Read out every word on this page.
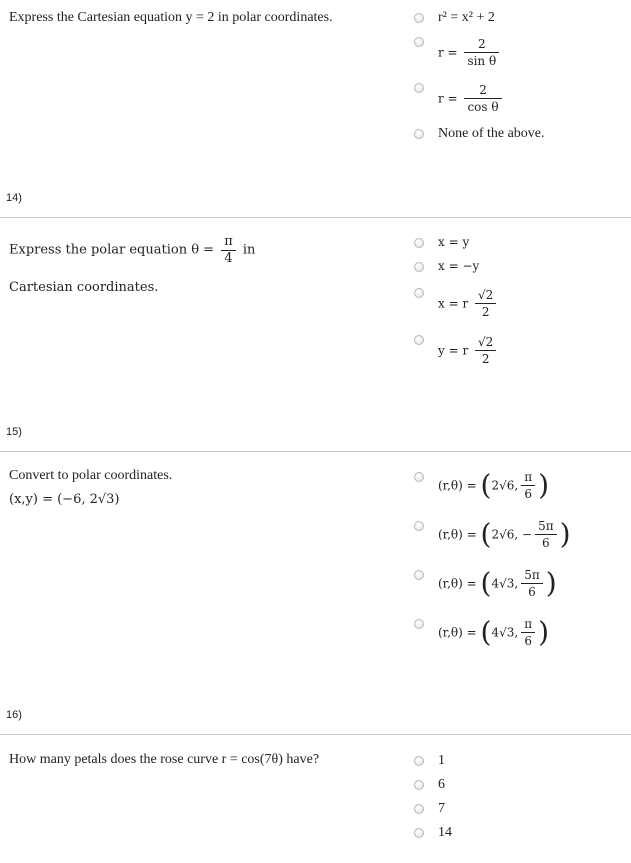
Express the Cartesian equation y = 2 in polar coordinates.	r² = x² + 2
$r = \frac{2}{\text{sin θ}}$
$r = \frac{2}{\text{cos θ}}$
None of the above.
14)
Express the polar equation $\theta = \frac{\pi}{4}$ in
Cartesian coordinates.
x = y
x = −y
x = r $\frac{√2}{2}$
y = r $\frac{√2}{2}$
15)
Convert to polar coordinates.
(x,y) = (−6, 2√3)
(r,θ) = (2√6, $\frac{\pi}{6}$ )
(r,θ) = (2√6, − $\frac{5\pi}{6}$ )
(r,θ) = (4√3, $\frac{5\pi}{6}$ )
(r,θ) = (4√3, $\frac{\pi}{6}$ )
16)
How many petals does the rose curve r = cos(7θ) have?	1
6
7
14
